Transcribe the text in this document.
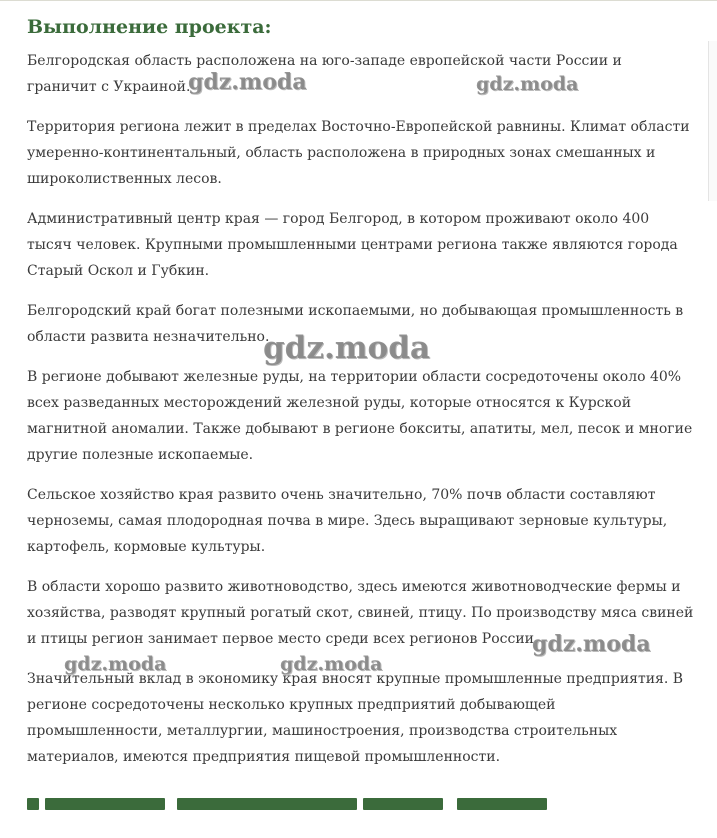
Выполнение проекта:

Белгородская область расположена на юго-западе европейской части России и граничит с Украиной.

Территория региона лежит в пределах Восточно-Европейской равнины. Климат области умеренно-континентальный, область расположена в природных зонах смешанных и широколиственных лесов.

Административный центр края — город Белгород, в котором проживают около 400 тысяч человек. Крупными промышленными центрами региона также являются города Старый Оскол и Губкин.

Белгородский край богат полезными ископаемыми, но добывающая промышленность в области развита незначительно.

В регионе добывают железные руды, на территории области сосредоточены около 40% всех разведанных месторождений железной руды, которые относятся к Курской магнитной аномалии. Также добывают в регионе бокситы, апатиты, мел, песок и многие другие полезные ископаемые.

Сельское хозяйство края развито очень значительно, 70% почв области составляют черноземы, самая плодородная почва в мире. Здесь выращивают зерновые культуры, картофель, кормовые культуры.

В области хорошо развито животноводство, здесь имеются животноводческие фермы и хозяйства, разводят крупный рогатый скот, свиней, птицу. По производству мяса свиней и птицы регион занимает первое место среди всех регионов России

Значительный вклад в экономику края вносят крупные промышленные предприятия. В регионе сосредоточены несколько крупных предприятий добывающей промышленности, металлургии, машиностроения, производства строительных материалов, имеются предприятия пищевой промышленности.

gdz.moda	gdz.moda
gdz.moda
gdz.moda
gdz.moda	gdz.moda
